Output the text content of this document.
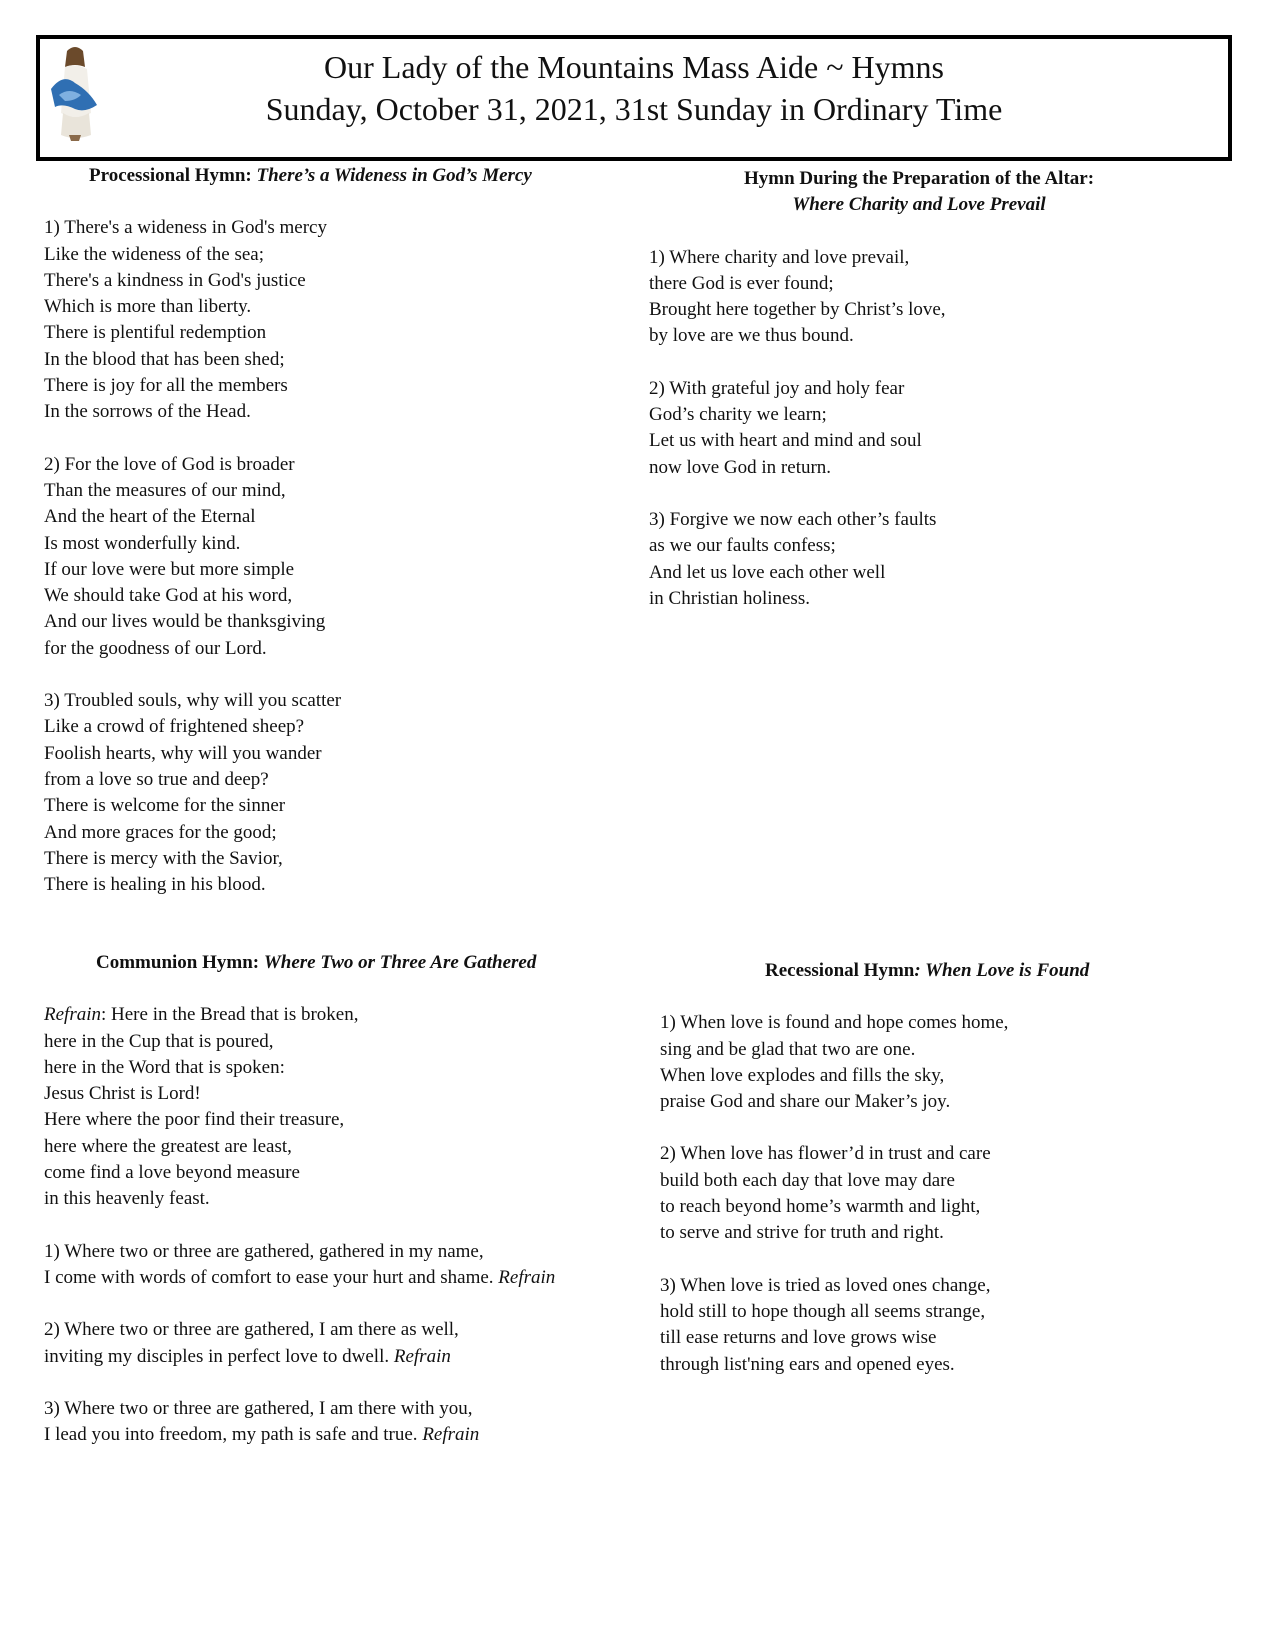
Our Lady of the Mountains Mass Aide ~ Hymns
Sunday, October 31, 2021, 31st Sunday in Ordinary Time
Processional Hymn: There’s a Wideness in God’s Mercy
1) There's a wideness in God's mercy
Like the wideness of the sea;
There's a kindness in God's justice
Which is more than liberty.
There is plentiful redemption
In the blood that has been shed;
There is joy for all the members
In the sorrows of the Head.
2) For the love of God is broader
Than the measures of our mind,
And the heart of the Eternal
Is most wonderfully kind.
If our love were but more simple
We should take God at his word,
And our lives would be thanksgiving
for the goodness of our Lord.
3) Troubled souls, why will you scatter
Like a crowd of frightened sheep?
Foolish hearts, why will you wander
from a love so true and deep?
There is welcome for the sinner
And more graces for the good;
There is mercy with the Savior,
There is healing in his blood.
Hymn During the Preparation of the Altar:
Where Charity and Love Prevail
1) Where charity and love prevail,
there God is ever found;
Brought here together by Christ’s love,
by love are we thus bound.
2) With grateful joy and holy fear
God’s charity we learn;
Let us with heart and mind and soul
now love God in return.
3) Forgive we now each other’s faults
as we our faults confess;
And let us love each other well
in Christian holiness.
Communion Hymn: Where Two or Three Are Gathered
Refrain: Here in the Bread that is broken,
here in the Cup that is poured,
here in the Word that is spoken:
Jesus Christ is Lord!
Here where the poor find their treasure,
here where the greatest are least,
come find a love beyond measure
in this heavenly feast.
1) Where two or three are gathered, gathered in my name,
I come with words of comfort to ease your hurt and shame. Refrain
2) Where two or three are gathered, I am there as well,
inviting my disciples in perfect love to dwell. Refrain
3) Where two or three are gathered, I am there with you,
I lead you into freedom, my path is safe and true. Refrain
Recessional Hymn: When Love is Found
1) When love is found and hope comes home,
sing and be glad that two are one.
When love explodes and fills the sky,
praise God and share our Maker’s joy.
2) When love has flower’d in trust and care
build both each day that love may dare
to reach beyond home’s warmth and light,
to serve and strive for truth and right.
3) When love is tried as loved ones change,
hold still to hope though all seems strange,
till ease returns and love grows wise
through list'ning ears and opened eyes.
